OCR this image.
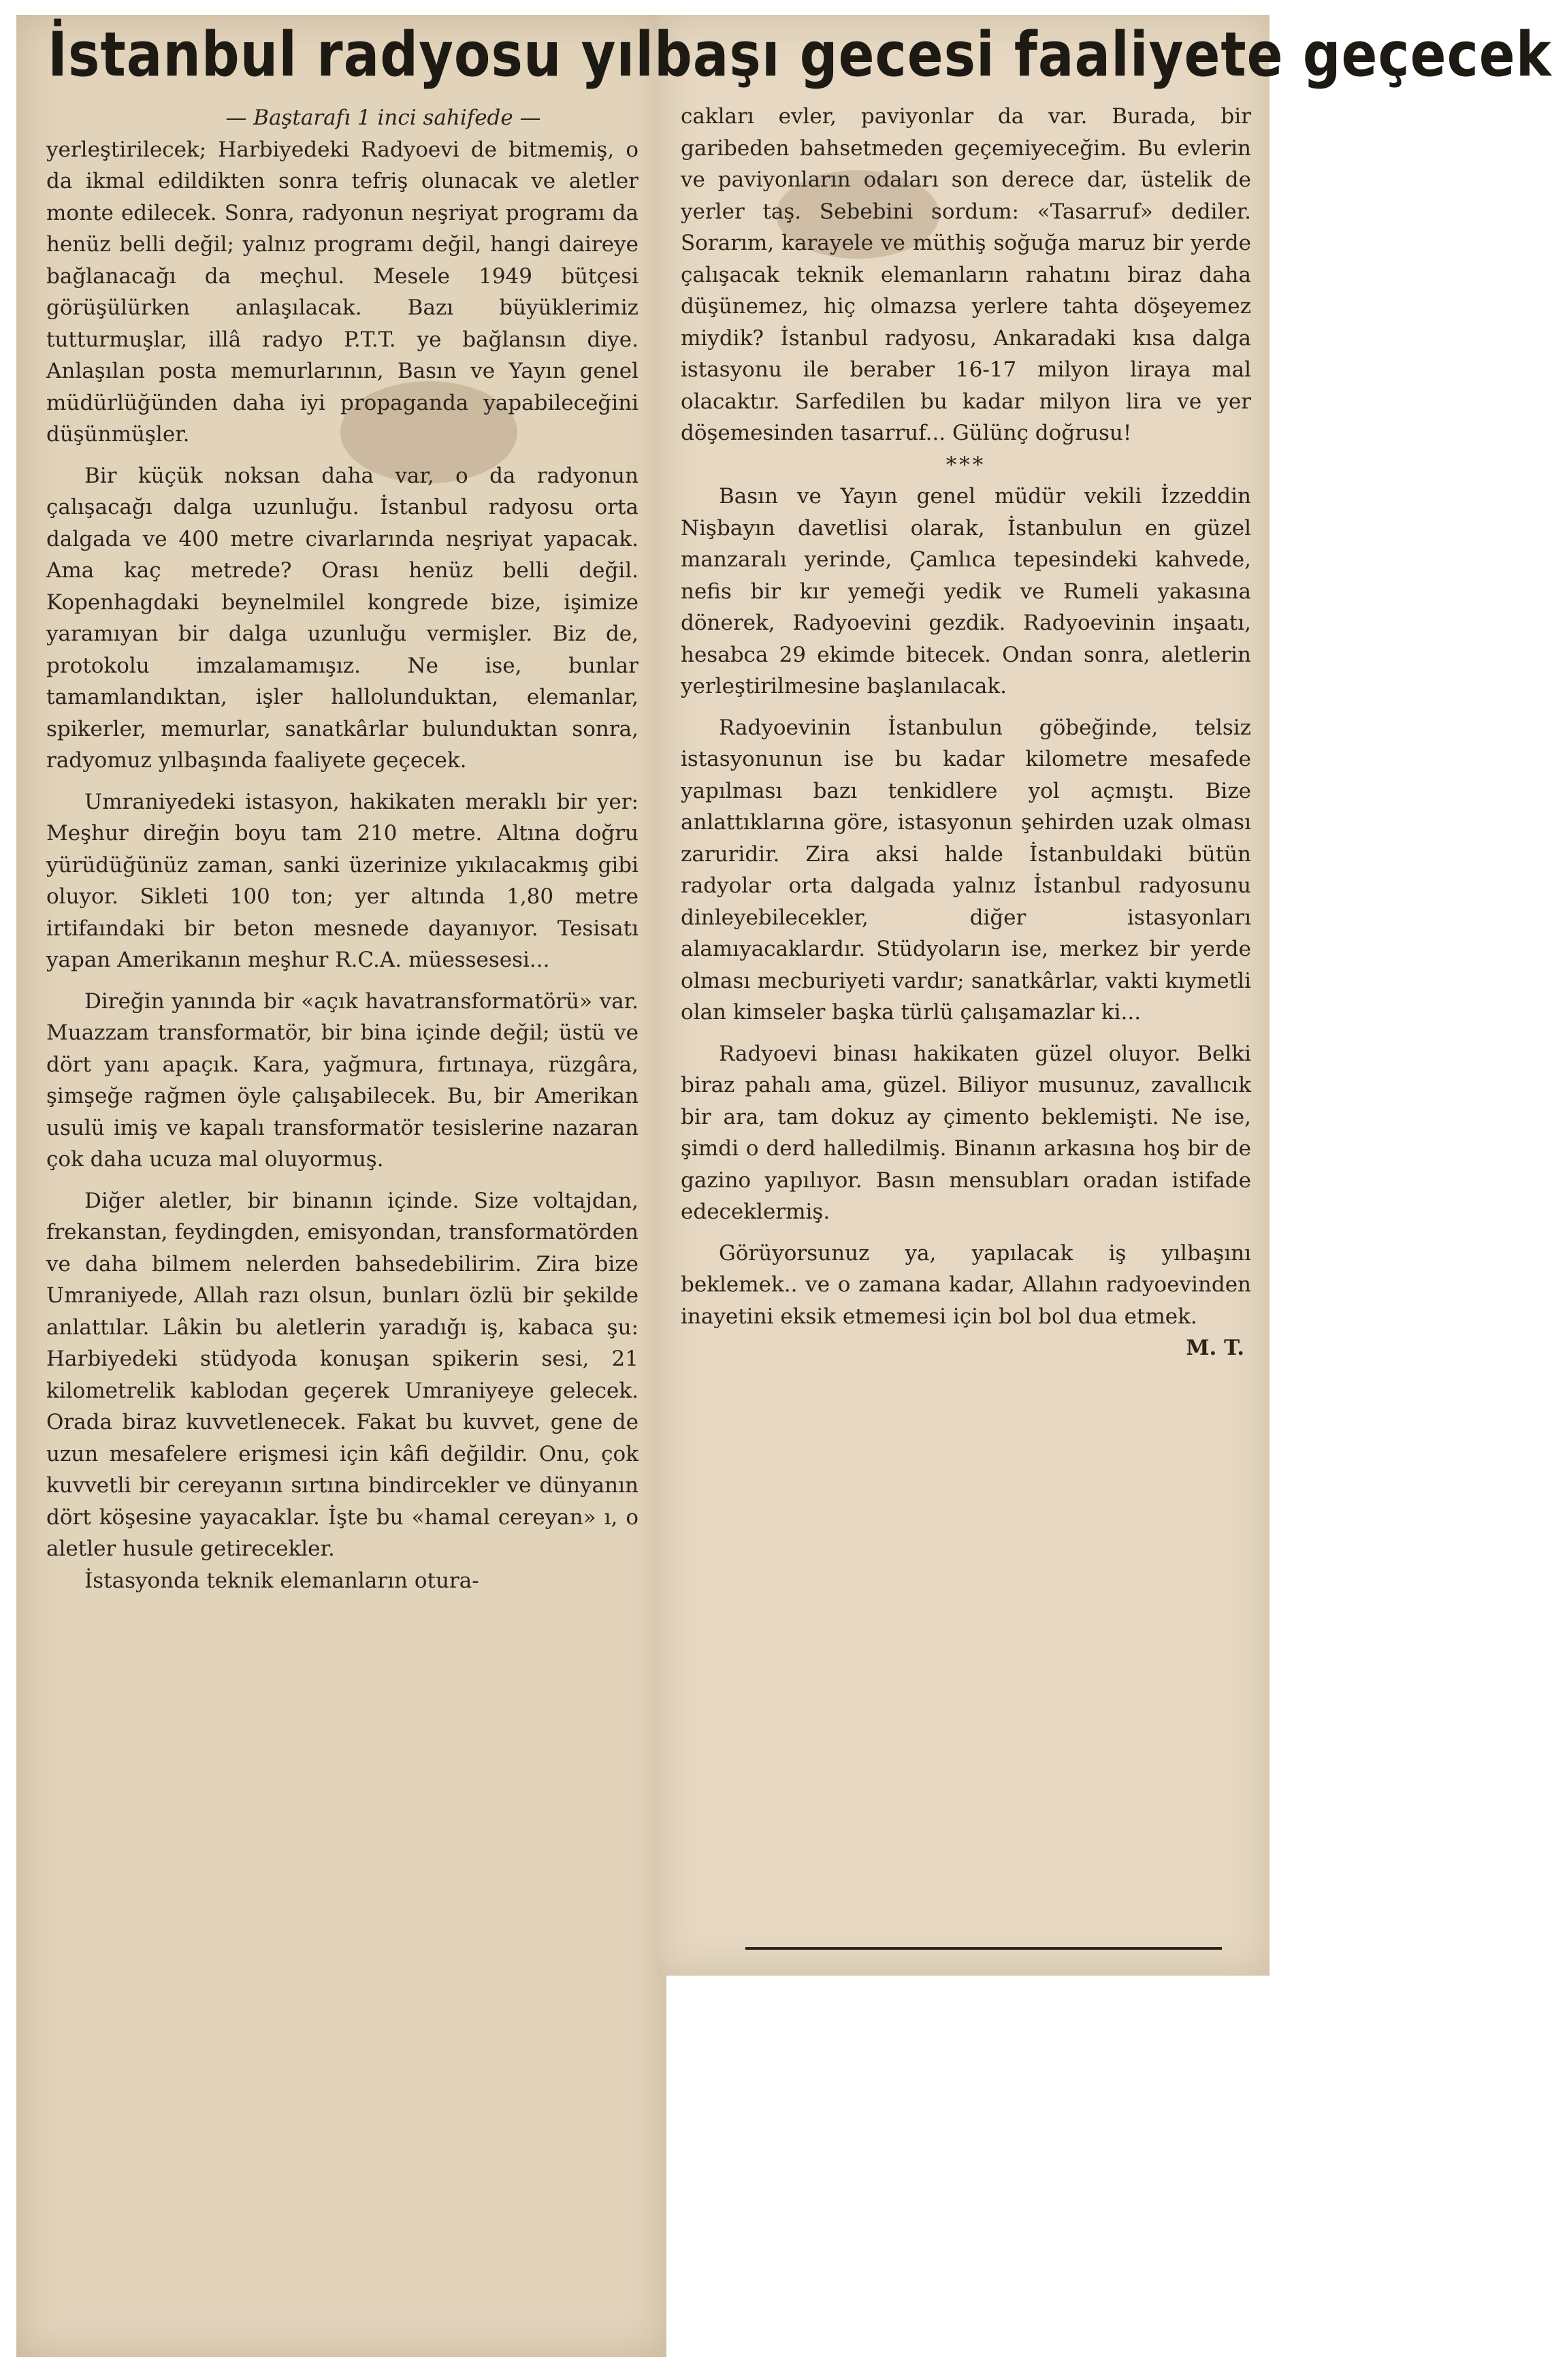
İstanbul radyosu yılbaşı gecesi faaliyete geçecek

— Baştarafı 1 inci sahifede —

yerleştirilecek; Harbiyedeki Radyoevi de bitmemiş, o da ikmal edildikten sonra tefriş olunacak ve aletler monte edilecek. Sonra, radyonun neşriyat programı da henüz belli değil; yalnız programı değil, hangi daireye bağlanacağı da meçhul. Mesele 1949 bütçesi görüşülürken anlaşılacak. Bazı büyüklerimiz tutturmuşlar, illâ radyo P.T.T. ye bağlansın diye. Anlaşılan posta memurlarının, Basın ve Yayın genel müdürlüğünden daha iyi propaganda yapabileceğini düşünmüşler.

Bir küçük noksan daha var, o da radyonun çalışacağı dalga uzunluğu. İstanbul radyosu orta dalgada ve 400 metre civarlarında neşriyat yapacak. Ama kaç metrede? Orası henüz belli değil. Kopenhagdaki beynelmilel kongrede bize, işimize yaramıyan bir dalga uzunluğu vermişler. Biz de, protokolu imzalamamışız. Ne ise, bunlar tamamlandıktan, işler hallolunduktan, elemanlar, spikerler, memurlar, sanatkârlar bulunduktan sonra, radyomuz yılbaşında faaliyete geçecek.

Umraniyedeki istasyon, hakikaten meraklı bir yer: Meşhur direğin boyu tam 210 metre. Altına doğru yürüdüğünüz zaman, sanki üzerinize yıkılacakmış gibi oluyor. Sikleti 100 ton; yer altında 1,80 metre irtifaındaki bir beton mesnede dayanıyor. Tesisatı yapan Amerikanın meşhur R.C.A. müessesesi...

Direğin yanında bir «açık havatransformatörü» var. Muazzam transformatör, bir bina içinde değil; üstü ve dört yanı apaçık. Kara, yağmura, fırtınaya, rüzgâra, şimşeğe rağmen öyle çalışabilecek. Bu, bir Amerikan usulü imiş ve kapalı transformatör tesislerine nazaran çok daha ucuza mal oluyormuş.

Diğer aletler, bir binanın içinde. Size voltajdan, frekanstan, feydingden, emisyondan, transformatörden ve daha bilmem nelerden bahsedebilirim. Zira bize Umraniyede, Allah razı olsun, bunları özlü bir şekilde anlattılar. Lâkin bu aletlerin yaradığı iş, kabaca şu: Harbiyedeki stüdyoda konuşan spikerin sesi, 21 kilometrelik kablodan geçerek Umraniyeye gelecek. Orada biraz kuvvetlenecek. Fakat bu kuvvet, gene de uzun mesafelere erişmesi için kâfi değildir. Onu, çok kuvvetli bir cereyanın sırtına bindircekler ve dünyanın dört köşesine yayacaklar. İşte bu «hamal cereyan» ı, o aletler husule getirecekler.

İstasyonda teknik elemanların otura-

cakları evler, paviyonlar da var. Burada, bir garibeden bahsetmeden geçemiyeceğim. Bu evlerin ve paviyonların odaları son derece dar, üstelik de yerler taş. Sebebini sordum: «Tasarruf» dediler. Sorarım, karayele ve müthiş soğuğa maruz bir yerde çalışacak teknik elemanların rahatını biraz daha düşünemez, hiç olmazsa yerlere tahta döşeyemez miydik? İstanbul radyosu, Ankaradaki kısa dalga istasyonu ile beraber 16-17 milyon liraya mal olacaktır. Sarfedilen bu kadar milyon lira ve yer döşemesinden tasarruf... Gülünç doğrusu!

***

Basın ve Yayın genel müdür vekili İzzeddin Nişbayın davetlisi olarak, İstanbulun en güzel manzaralı yerinde, Çamlıca tepesindeki kahvede, nefis bir kır yemeği yedik ve Rumeli yakasına dönerek, Radyoevini gezdik. Radyoevinin inşaatı, hesabca 29 ekimde bitecek. Ondan sonra, aletlerin yerleştirilmesine başlanılacak.

Radyoevinin İstanbulun göbeğinde, telsiz istasyonunun ise bu kadar kilometre mesafede yapılması bazı tenkidlere yol açmıştı. Bize anlattıklarına göre, istasyonun şehirden uzak olması zaruridir. Zira aksi halde İstanbuldaki bütün radyolar orta dalgada yalnız İstanbul radyosunu dinleyebilecekler, diğer istasyonları alamıyacaklardır. Stüdyoların ise, merkez bir yerde olması mecburiyeti vardır; sanatkârlar, vakti kıymetli olan kimseler başka türlü çalışamazlar ki...

Radyoevi binası hakikaten güzel oluyor. Belki biraz pahalı ama, güzel. Biliyor musunuz, zavallıcık bir ara, tam dokuz ay çimento beklemişti. Ne ise, şimdi o derd halledilmiş. Binanın arkasına hoş bir de gazino yapılıyor. Basın mensubları oradan istifade edeceklermiş.

Görüyorsunuz ya, yapılacak iş yılbaşını beklemek.. ve o zamana kadar, Allahın radyoevinden inayetini eksik etmemesi için bol bol dua etmek.

M. T.
